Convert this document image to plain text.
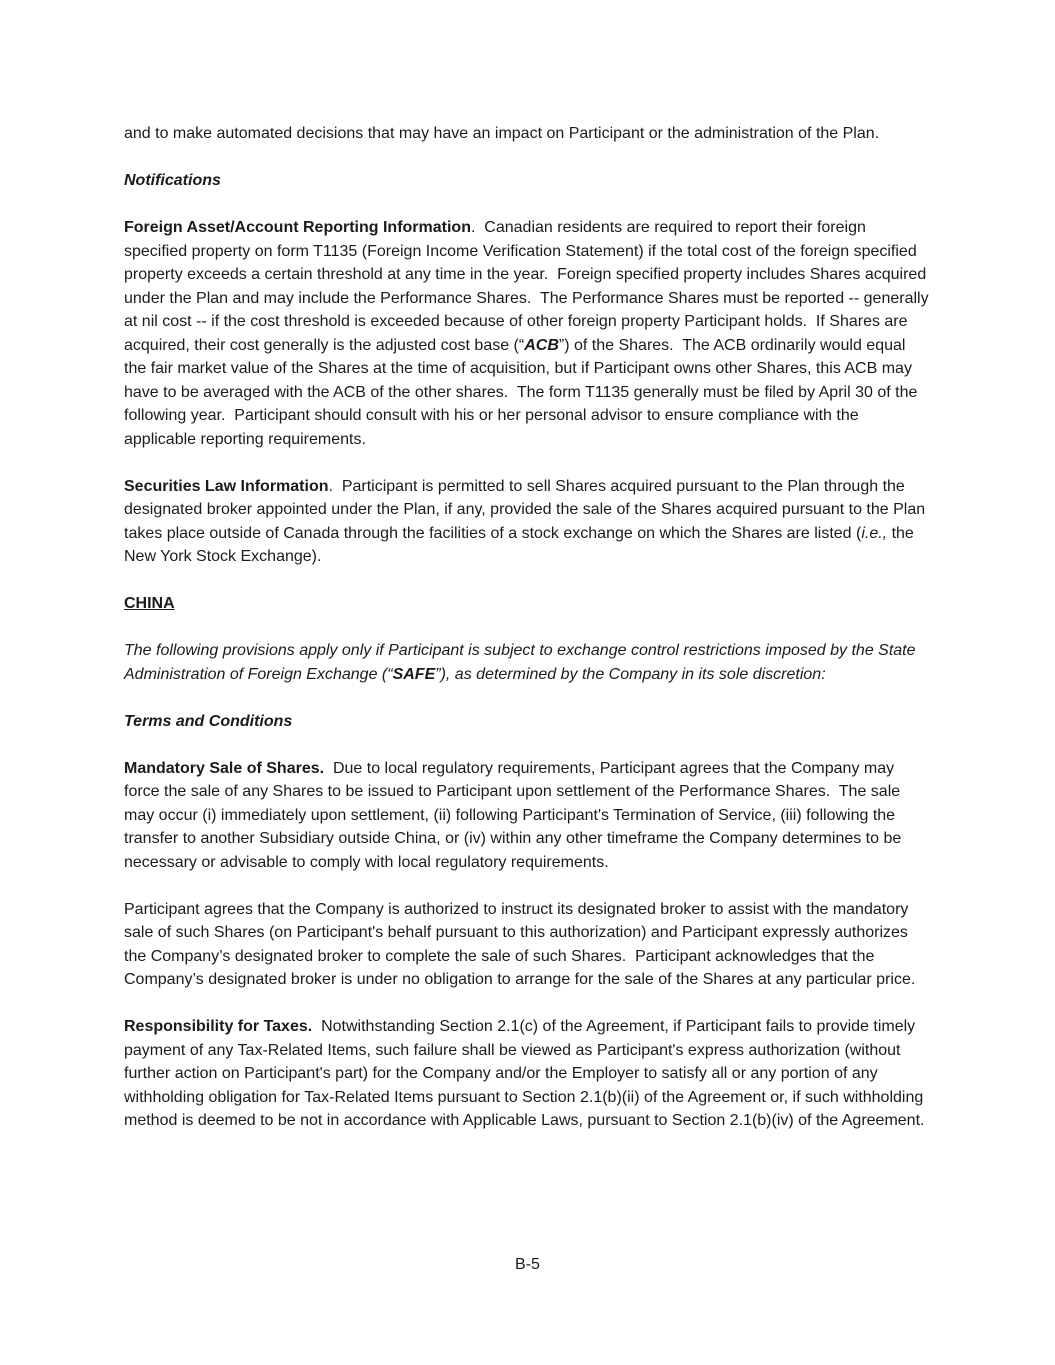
and to make automated decisions that may have an impact on Participant or the administration of the Plan.

Notifications

Foreign Asset/Account Reporting Information.  Canadian residents are required to report their foreign specified property on form T1135 (Foreign Income Verification Statement) if the total cost of the foreign specified property exceeds a certain threshold at any time in the year.  Foreign specified property includes Shares acquired under the Plan and may include the Performance Shares.  The Performance Shares must be reported -- generally at nil cost -- if the cost threshold is exceeded because of other foreign property Participant holds.  If Shares are acquired, their cost generally is the adjusted cost base (“ACB”) of the Shares.  The ACB ordinarily would equal the fair market value of the Shares at the time of acquisition, but if Participant owns other Shares, this ACB may have to be averaged with the ACB of the other shares.  The form T1135 generally must be filed by April 30 of the following year.  Participant should consult with his or her personal advisor to ensure compliance with the applicable reporting requirements.

Securities Law Information.  Participant is permitted to sell Shares acquired pursuant to the Plan through the designated broker appointed under the Plan, if any, provided the sale of the Shares acquired pursuant to the Plan takes place outside of Canada through the facilities of a stock exchange on which the Shares are listed (i.e., the New York Stock Exchange).

CHINA

The following provisions apply only if Participant is subject to exchange control restrictions imposed by the State Administration of Foreign Exchange (“SAFE”), as determined by the Company in its sole discretion:

Terms and Conditions

Mandatory Sale of Shares.  Due to local regulatory requirements, Participant agrees that the Company may force the sale of any Shares to be issued to Participant upon settlement of the Performance Shares.  The sale may occur (i) immediately upon settlement, (ii) following Participant's Termination of Service, (iii) following the transfer to another Subsidiary outside China, or (iv) within any other timeframe the Company determines to be necessary or advisable to comply with local regulatory requirements.

Participant agrees that the Company is authorized to instruct its designated broker to assist with the mandatory sale of such Shares (on Participant's behalf pursuant to this authorization) and Participant expressly authorizes the Company’s designated broker to complete the sale of such Shares.  Participant acknowledges that the Company’s designated broker is under no obligation to arrange for the sale of the Shares at any particular price.

Responsibility for Taxes.  Notwithstanding Section 2.1(c) of the Agreement, if Participant fails to provide timely payment of any Tax-Related Items, such failure shall be viewed as Participant's express authorization (without further action on Participant's part) for the Company and/or the Employer to satisfy all or any portion of any withholding obligation for Tax-Related Items pursuant to Section 2.1(b)(ii) of the Agreement or, if such withholding method is deemed to be not in accordance with Applicable Laws, pursuant to Section 2.1(b)(iv) of the Agreement.

B-5
